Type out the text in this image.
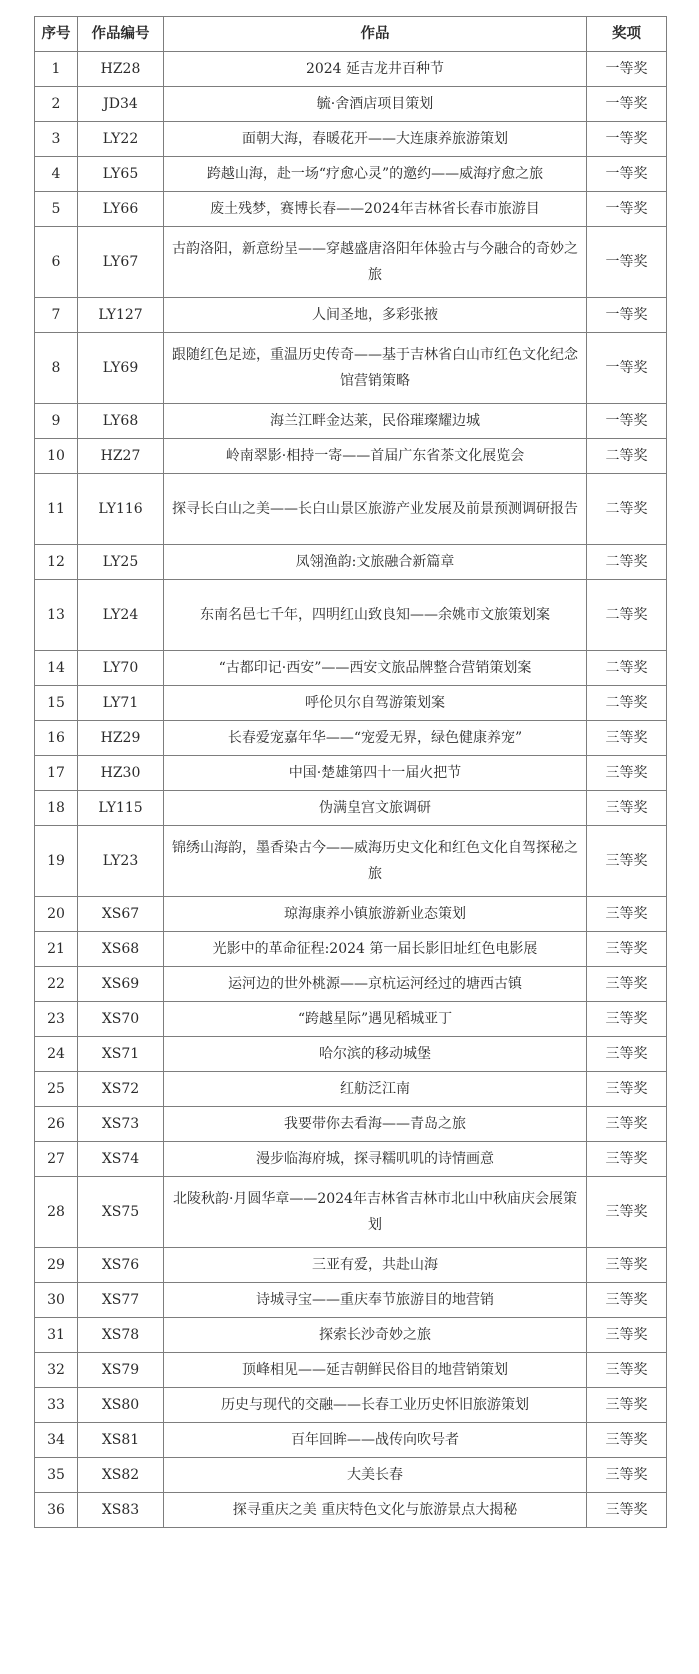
序号	作品编号	作品	奖项
1	HZ28	2024 延吉龙井百种节	一等奖
2	JD34	毓·舍酒店项目策划	一等奖
3	LY22	面朝大海，春暖花开——大连康养旅游策划	一等奖
4	LY65	跨越山海，赴一场“疗愈心灵”的邀约——威海疗愈之旅	一等奖
5	LY66	废土残梦，赛博长春——2024年吉林省长春市旅游目	一等奖
6	LY67	古韵洛阳，新意纷呈——穿越盛唐洛阳年体验古与今融合的奇妙之旅	一等奖
7	LY127	人间圣地，多彩张掖	一等奖
8	LY69	跟随红色足迹，重温历史传奇——基于吉林省白山市红色文化纪念馆营销策略	一等奖
9	LY68	海兰江畔金达莱，民俗璀璨耀边城	一等奖
10	HZ27	岭南翠影·相持一寄——首届广东省茶文化展览会	二等奖
11	LY116	探寻长白山之美——长白山景区旅游产业发展及前景预测调研报告	二等奖
12	LY25	凤翎渔韵:文旅融合新篇章	二等奖
13	LY24	东南名邑七千年，四明红山致良知——余姚市文旅策划案	二等奖
14	LY70	“古都印记·西安”——西安文旅品牌整合营销策划案	二等奖
15	LY71	呼伦贝尔自驾游策划案	二等奖
16	HZ29	长春爱宠嘉年华——“宠爱无界，绿色健康养宠”	三等奖
17	HZ30	中国·楚雄第四十一届火把节	三等奖
18	LY115	伪满皇宫文旅调研	三等奖
19	LY23	锦绣山海韵，墨香染古今——威海历史文化和红色文化自驾探秘之旅	三等奖
20	XS67	琼海康养小镇旅游新业态策划	三等奖
21	XS68	光影中的革命征程:2024 第一届长影旧址红色电影展	三等奖
22	XS69	运河边的世外桃源——京杭运河经过的塘西古镇	三等奖
23	XS70	“跨越星际”遇见稻城亚丁	三等奖
24	XS71	哈尔滨的移动城堡	三等奖
25	XS72	红舫泛江南	三等奖
26	XS73	我要带你去看海——青岛之旅	三等奖
27	XS74	漫步临海府城，探寻糯叽叽的诗情画意	三等奖
28	XS75	北陵秋韵·月圆华章——2024年吉林省吉林市北山中秋庙庆会展策划	三等奖
29	XS76	三亚有爱，共赴山海	三等奖
30	XS77	诗城寻宝——重庆奉节旅游目的地营销	三等奖
31	XS78	探索长沙奇妙之旅	三等奖
32	XS79	顶峰相见——延吉朝鲜民俗目的地营销策划	三等奖
33	XS80	历史与现代的交融——长春工业历史怀旧旅游策划	三等奖
34	XS81	百年回眸——战传向吹号者	三等奖
35	XS82	大美长春	三等奖
36	XS83	探寻重庆之美 重庆特色文化与旅游景点大揭秘	三等奖
